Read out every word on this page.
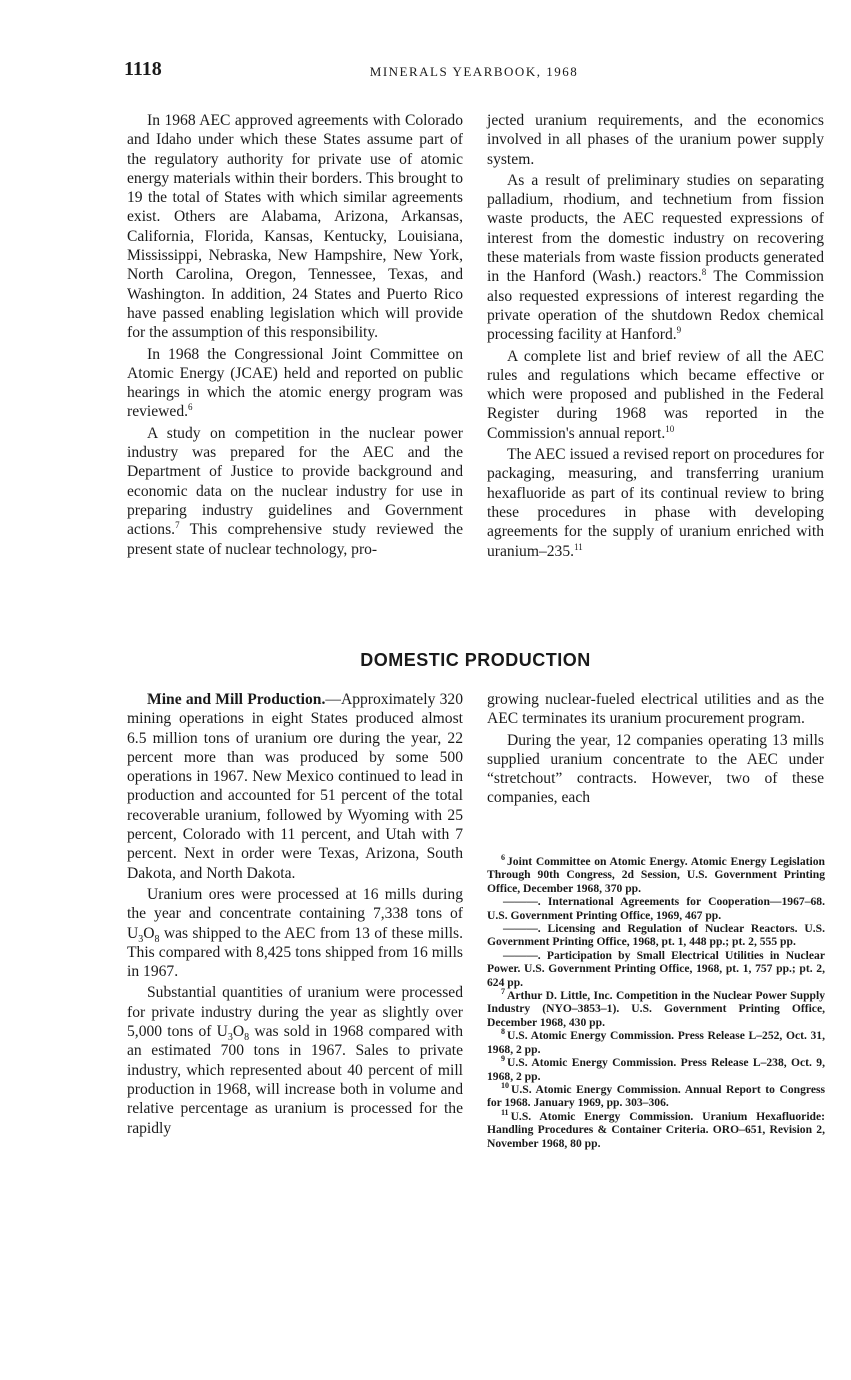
1118	MINERALS YEARBOOK, 1968

In 1968 AEC approved agreements with Colorado and Idaho under which these States assume part of the regulatory authority for private use of atomic energy materials within their borders. This brought to 19 the total of States with which similar agreements exist. Others are Alabama, Arizona, Arkansas, California, Florida, Kansas, Kentucky, Louisiana, Mississippi, Nebraska, New Hampshire, New York, North Carolina, Oregon, Tennessee, Texas, and Washington. In addition, 24 States and Puerto Rico have passed enabling legislation which will provide for the assumption of this responsibility.

In 1968 the Congressional Joint Committee on Atomic Energy (JCAE) held and reported on public hearings in which the atomic energy program was reviewed.$^6$

A study on competition in the nuclear power industry was prepared for the AEC and the Department of Justice to provide background and economic data on the nuclear industry for use in preparing industry guidelines and Government actions.$^7$ This comprehensive study reviewed the present state of nuclear technology, pro-

jected uranium requirements, and the economics involved in all phases of the uranium power supply system.

As a result of preliminary studies on separating palladium, rhodium, and technetium from fission waste products, the AEC requested expressions of interest from the domestic industry on recovering these materials from waste fission products generated in the Hanford (Wash.) reactors.$^8$ The Commission also requested expressions of interest regarding the private operation of the shutdown Redox chemical processing facility at Hanford.$^9$

A complete list and brief review of all the AEC rules and regulations which became effective or which were proposed and published in the Federal Register during 1968 was reported in the Commission's annual report.$^{10}$

The AEC issued a revised report on procedures for packaging, measuring, and transferring uranium hexafluoride as part of its continual review to bring these procedures in phase with developing agreements for the supply of uranium enriched with uranium–235.11

DOMESTIC PRODUCTION

Mine and Mill Production.—Approximately 320 mining operations in eight States produced almost 6.5 million tons of uranium ore during the year, 22 percent more than was produced by some 500 operations in 1967. New Mexico continued to lead in production and accounted for 51 percent of the total recoverable uranium, followed by Wyoming with 25 percent, Colorado with 11 percent, and Utah with 7 percent. Next in order were Texas, Arizona, South Dakota, and North Dakota.

Uranium ores were processed at 16 mills during the year and concentrate containing 7,338 tons of $U_3O_8$ was shipped to the AEC from 13 of these mills. This compared with 8,425 tons shipped from 16 mills in 1967.

Substantial quantities of uranium were processed for private industry during the year as slightly over 5,000 tons of $U_3O_8$ was sold in 1968 compared with an estimated 700 tons in 1967. Sales to private industry, which represented about 40 percent of mill production in 1968, will increase both in volume and relative percentage as uranium is processed for the rapidly

growing nuclear-fueled electrical utilities and as the AEC terminates its uranium procurement program.

During the year, 12 companies operating 13 mills supplied uranium concentrate to the AEC under “stretchout” contracts. However, two of these companies, each

$^6$ Joint Committee on Atomic Energy. Atomic Energy Legislation Through 90th Congress, 2d Session, U.S. Government Printing Office, December 1968, 370 pp.

———. International Agreements for Cooperation—1967–68. U.S. Government Printing Office, 1969, 467 pp.

———. Licensing and Regulation of Nuclear Reactors. U.S. Government Printing Office, 1968, pt. 1, 448 pp.; pt. 2, 555 pp.

———. Participation by Small Electrical Utilities in Nuclear Power. U.S. Government Printing Office, 1968, pt. 1, 757 pp.; pt. 2, 624 pp.

$^7$ Arthur D. Little, Inc. Competition in the Nuclear Power Supply Industry (NYO–3853–1). U.S. Government Printing Office, December 1968, 430 pp.

$^8$ U.S. Atomic Energy Commission. Press Release L–252, Oct. 31, 1968, 2 pp.

$^9$ U.S. Atomic Energy Commission. Press Release L–238, Oct. 9, 1968, 2 pp.

$^{10}$ U.S. Atomic Energy Commission. Annual Report to Congress for 1968. January 1969, pp. 303–306.

$^{11}$ U.S. Atomic Energy Commission. Uranium Hexafluoride: Handling Procedures & Container Criteria. ORO–651, Revision 2, November 1968, 80 pp.
